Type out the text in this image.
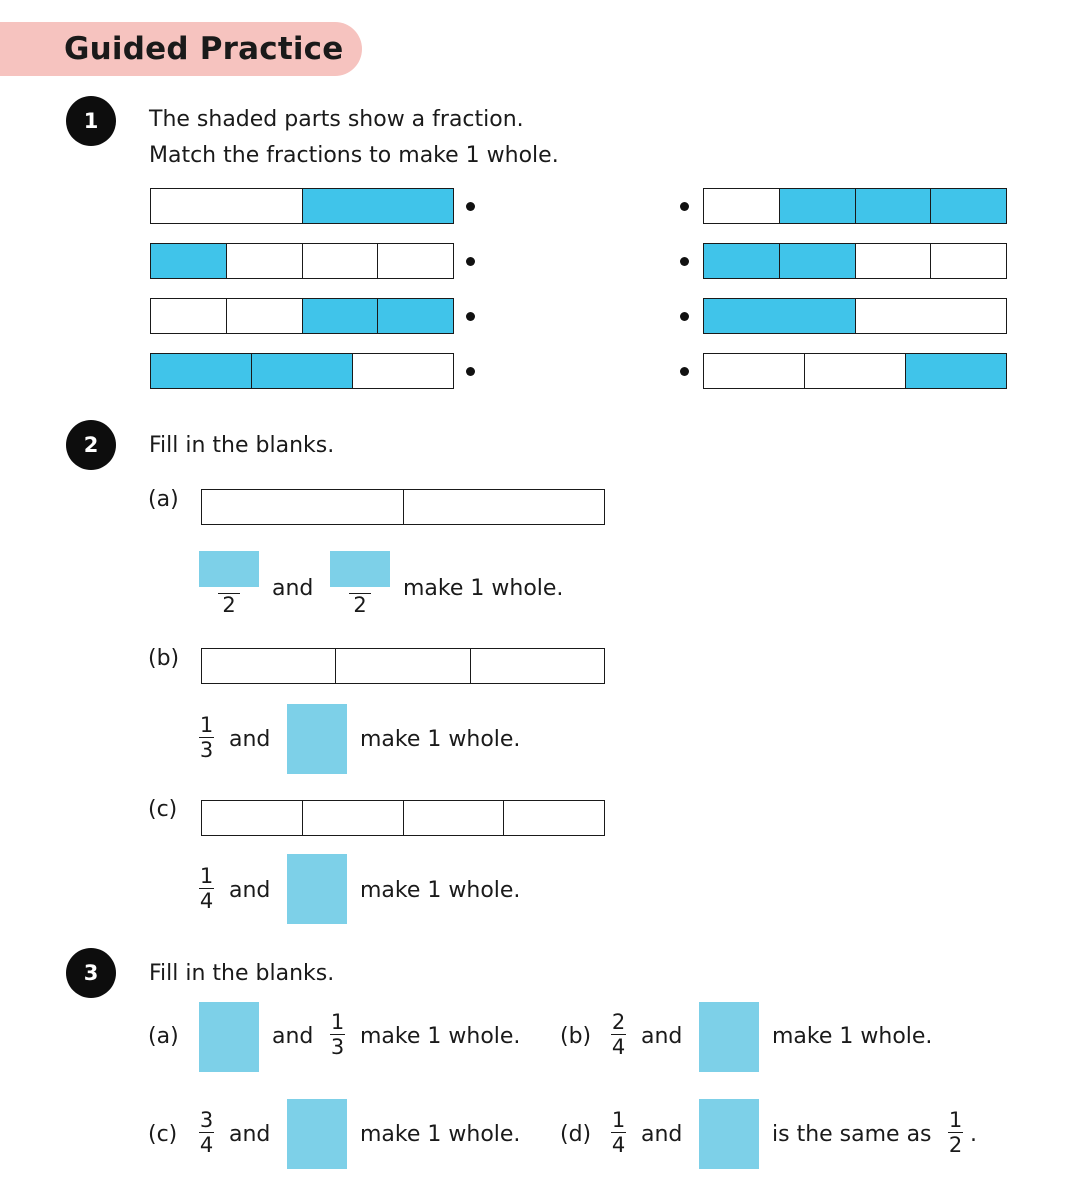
Guided Practice
1	The shaded parts show a fraction.
Match the fractions to make 1 whole.
2	Fill in the blanks.
(a)
2
and
2
make 1 whole.
(b)
1
3 and	make 1 whole.
(c)
1
4 and	make 1 whole.
3	Fill in the blanks.
(a)	and
1
3 make 1 whole. (b)
2
4 and	make 1 whole.
(c)
3
4 and	make 1 whole. (d)
1
4 and	is the same as
1
2 .
